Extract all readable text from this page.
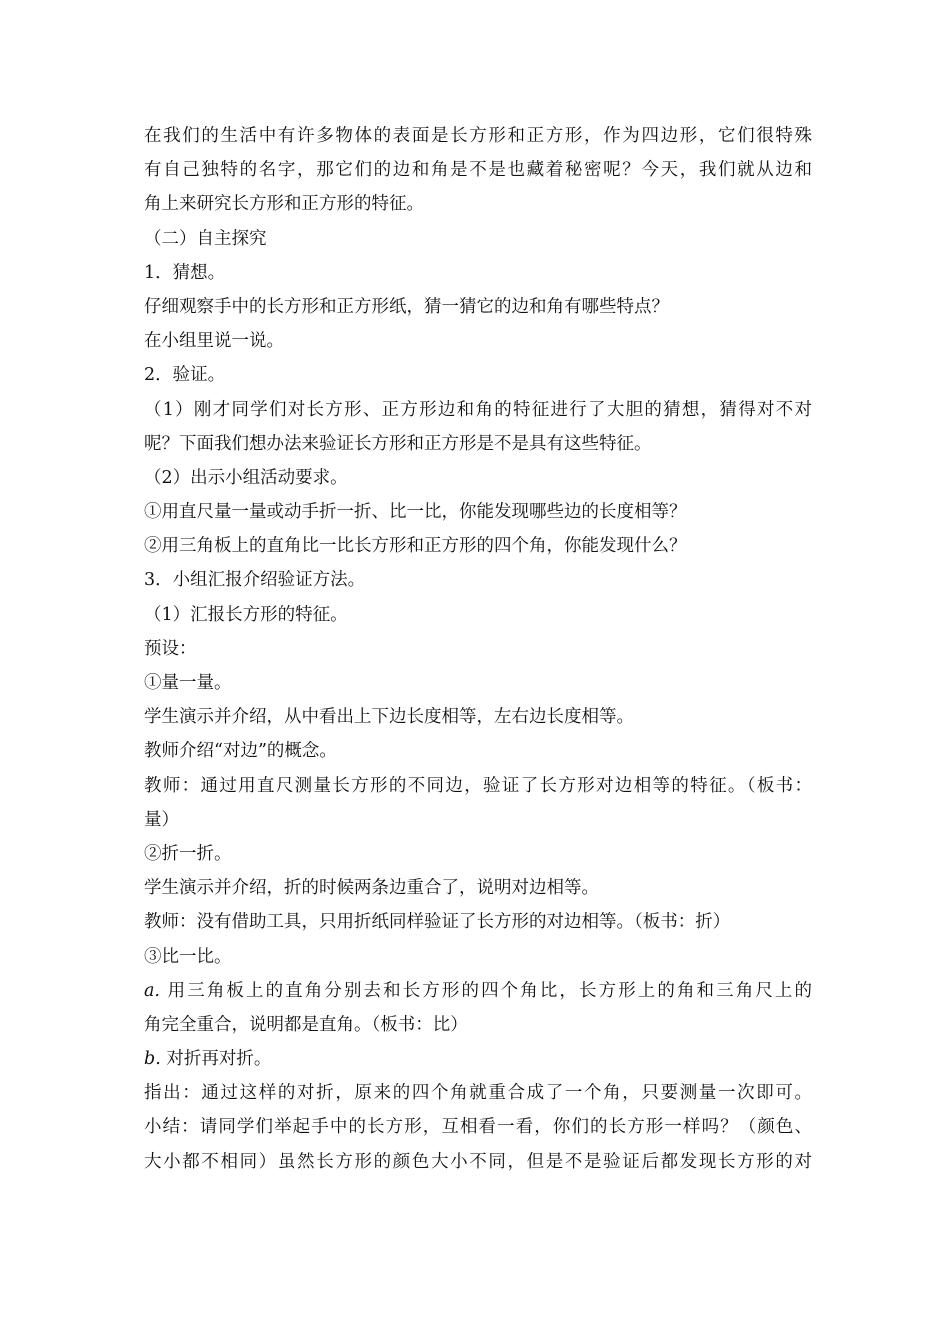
在我们的生活中有许多物体的表面是长方形和正方形，作为四边形，它们很特殊
有自己独特的名字，那它们的边和角是不是也藏着秘密呢？今天，我们就从边和
角上来研究长方形和正方形的特征。
（二）自主探究
1．猜想。
仔细观察手中的长方形和正方形纸，猜一猜它的边和角有哪些特点？
在小组里说一说。
2．验证。
（1）刚才同学们对长方形、正方形边和角的特征进行了大胆的猜想，猜得对不对
呢？下面我们想办法来验证长方形和正方形是不是具有这些特征。
（2）出示小组活动要求。
①用直尺量一量或动手折一折、比一比，你能发现哪些边的长度相等？
②用三角板上的直角比一比长方形和正方形的四个角，你能发现什么？
3．小组汇报介绍验证方法。
（1）汇报长方形的特征。
预设：
①量一量。
学生演示并介绍，从中看出上下边长度相等，左右边长度相等。
教师介绍“对边”的概念。
教师：通过用直尺测量长方形的不同边，验证了长方形对边相等的特征。（板书：
量）
②折一折。
学生演示并介绍，折的时候两条边重合了，说明对边相等。
教师：没有借助工具，只用折纸同样验证了长方形的对边相等。（板书：折）
③比一比。
a. 用三角板上的直角分别去和长方形的四个角比，长方形上的角和三角尺上的
角完全重合，说明都是直角。（板书：比）
b. 对折再对折。
指出：通过这样的对折，原来的四个角就重合成了一个角，只要测量一次即可。
小结：请同学们举起手中的长方形，互相看一看，你们的长方形一样吗？（颜色、
大小都不相同）虽然长方形的颜色大小不同，但是不是验证后都发现长方形的对
